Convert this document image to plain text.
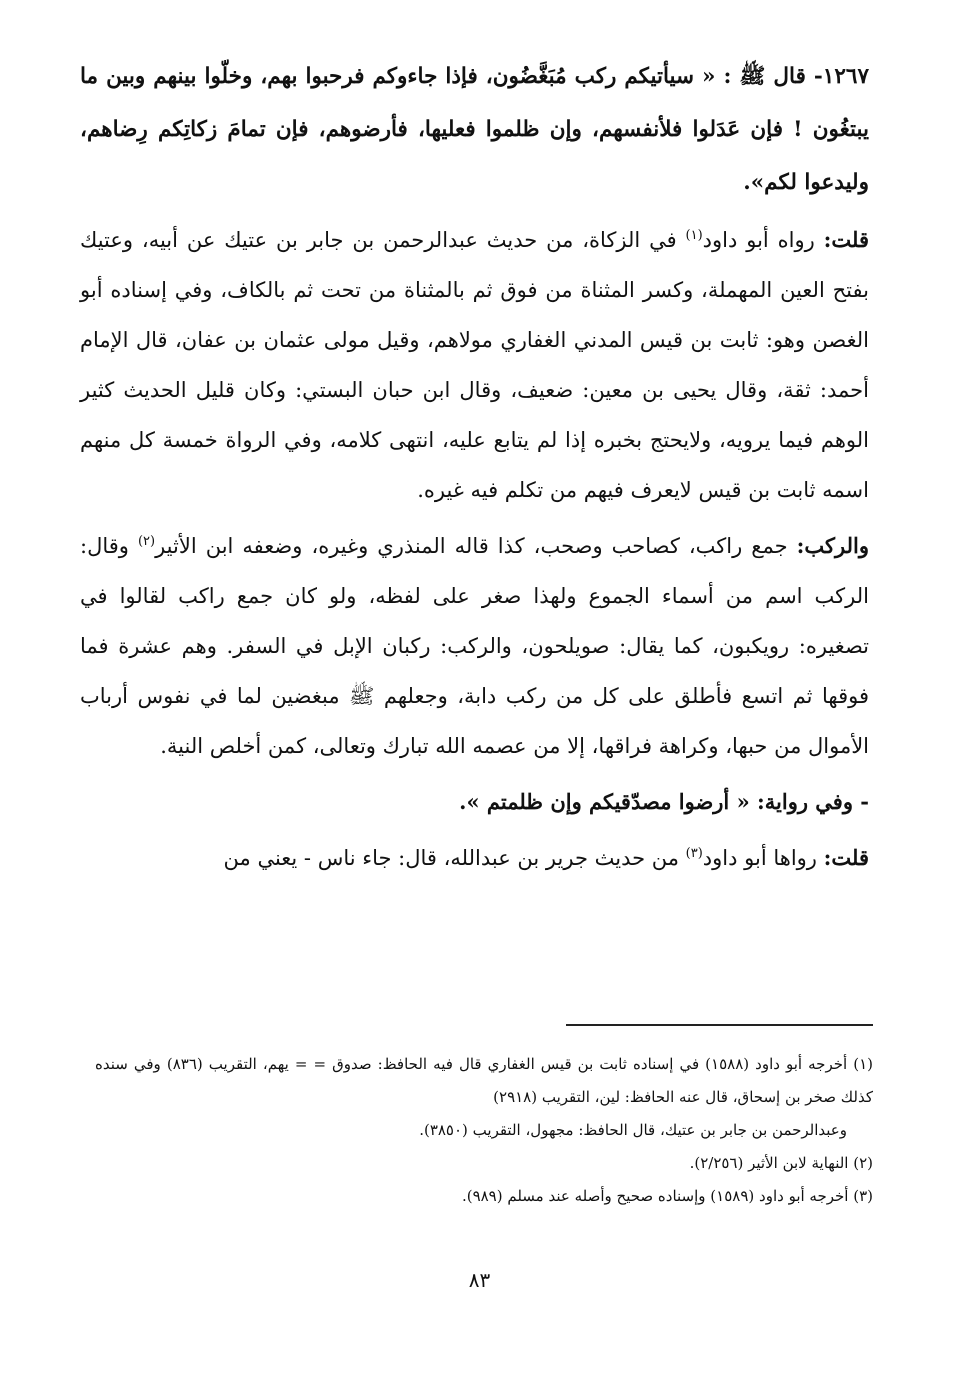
١٢٦٧- قال ﷺ : « سيأتيكم ركب مُبَغَّضُون، فإذا جاءوكم فرحبوا بهم، وخلّوا بينهم وبين ما يبتغُون ! فإن عَدَلوا فلأنفسهم، وإن ظلموا فعليها، فأرضوهم، فإن تمامَ زكاتِكم رِضاهم، وليدعوا لكم».

قلت: رواه أبو داود$^{(١)}$ في الزكاة، من حديث عبدالرحمن بن جابر بن عتيك عن أبيه، وعتيك بفتح العين المهملة، وكسر المثناة من فوق ثم بالمثناة من تحت ثم بالكاف، وفي إسناده أبو الغصن وهو: ثابت بن قيس المدني الغفاري مولاهم، وقيل مولى عثمان بن عفان، قال الإمام أحمد: ثقة، وقال يحيى بن معين: ضعيف، وقال ابن حبان البستي: وكان قليل الحديث كثير الوهم فيما يرويه، ولايحتج بخبره إذا لم يتابع عليه، انتهى كلامه، وفي الرواة خمسة كل منهم اسمه ثابت بن قيس لايعرف فيهم من تكلم فيه غيره.

والركب: جمع راكب، كصاحب وصحب، كذا قاله المنذري وغيره، وضعفه ابن الأثير$^{(٢)}$ وقال: الركب اسم من أسماء الجموع ولهذا صغر على لفظه، ولو كان جمع راكب لقالوا في تصغيره: رويكبون، كما يقال: صويلحون، والركب: ركبان الإبل في السفر. وهم عشرة فما فوقها ثم اتسع فأطلق على كل من ركب دابة، وجعلهم ﷺ مبغضين لما في نفوس أرباب الأموال من حبها، وكراهة فراقها، إلا من عصمه الله تبارك وتعالى، كمن أخلص النية.

- وفي رواية: « أرضوا مصدّقيكم وإن ظلمتم ».

قلت: رواها أبو داود$^{(٣)}$ من حديث جرير بن عبدالله، قال: جاء ناس - يعني من

(١) أخرجه أبو داود (١٥٨٨) في إسناده ثابت بن قيس الغفاري قال فيه الحافظ: صدوق = = يهم، التقريب (٨٣٦) وفي سنده كذلك صخر بن إسحاق، قال عنه الحافظ: لين، التقريب (٢٩١٨)

وعبدالرحمن بن جابر بن عتيك، قال الحافظ: مجهول، التقريب (٣٨٥٠).

(٢) النهاية لابن الأثير (٢/٢٥٦).

(٣) أخرجه أبو داود (١٥٨٩) وإسناده صحيح وأصله عند مسلم (٩٨٩).

٨٣
